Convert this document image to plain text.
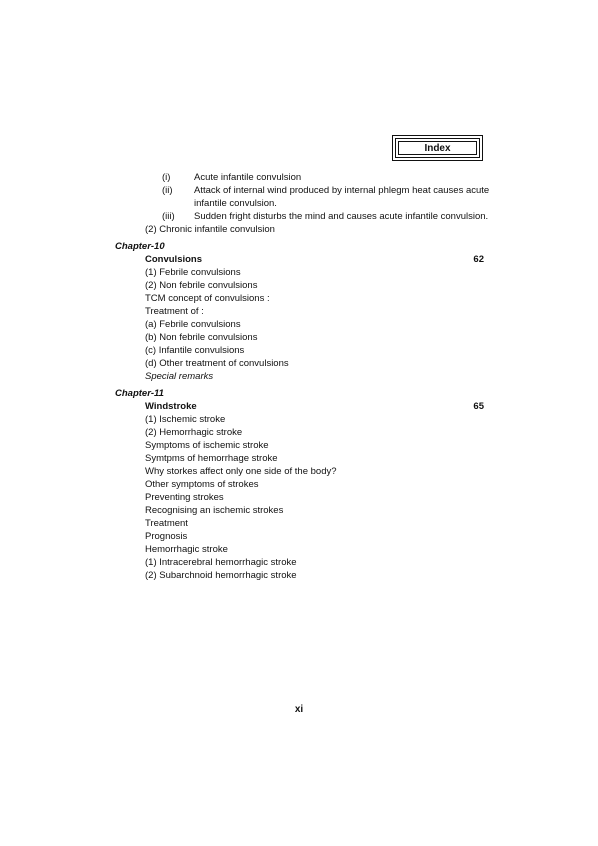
Index
(i) Acute infantile convulsion
(ii) Attack of internal wind produced by internal phlegm heat causes acute
infantile convulsion.
(iii) Sudden fright disturbs the mind and causes acute infantile convulsion.
(2) Chronic infantile convulsion
Chapter-10
Convulsions	62
(1) Febrile convulsions
(2) Non febrile convulsions
TCM concept of convulsions :
Treatment of :
(a) Febrile convulsions
(b) Non febrile convulsions
(c) Infantile convulsions
(d) Other treatment of convulsions
Special remarks
Chapter-11
Windstroke	65
(1) Ischemic stroke
(2) Hemorrhagic stroke
Symptoms of ischemic stroke
Symtpms of hemorrhage stroke
Why storkes affect only one side of the body?
Other symptoms of strokes
Preventing strokes
Recognising an ischemic strokes
Treatment
Prognosis
Hemorrhagic stroke
(1) Intracerebral hemorrhagic stroke
(2) Subarchnoid hemorrhagic stroke
xi
